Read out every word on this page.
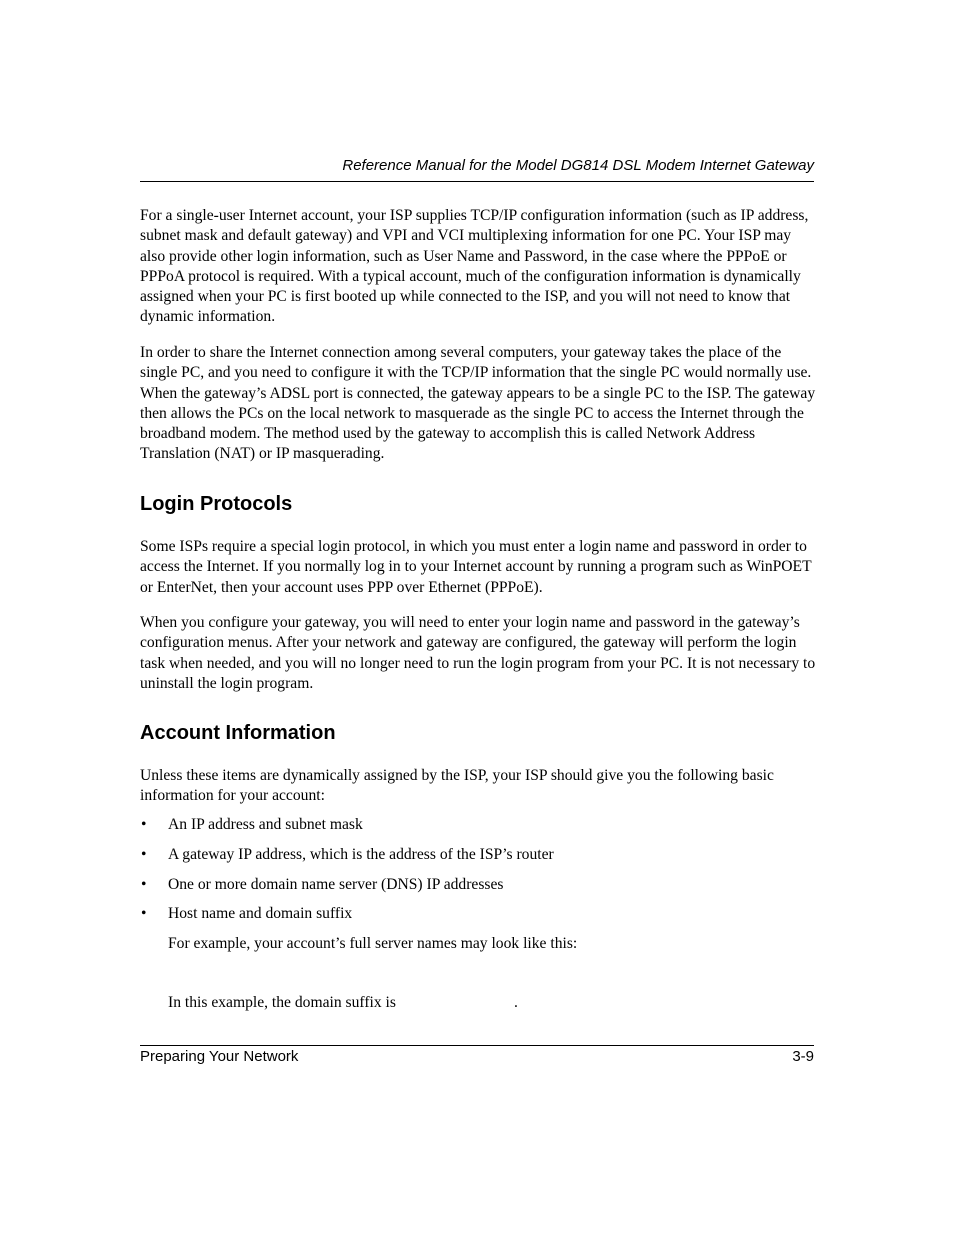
Reference Manual for the Model DG814 DSL Modem Internet Gateway

For a single-user Internet account, your ISP supplies TCP/IP configuration information (such as IP address, subnet mask and default gateway) and VPI and VCI multiplexing information for one PC. Your ISP may also provide other login information, such as User Name and Password, in the case where the PPPoE or PPPoA protocol is required. With a typical account, much of the configuration information is dynamically assigned when your PC is first booted up while connected to the ISP, and you will not need to know that dynamic information.

In order to share the Internet connection among several computers, your gateway takes the place of the single PC, and you need to configure it with the TCP/IP information that the single PC would normally use. When the gateway’s ADSL port is connected, the gateway appears to be a single PC to the ISP. The gateway then allows the PCs on the local network to masquerade as the single PC to access the Internet through the broadband modem. The method used by the gateway to accomplish this is called Network Address Translation (NAT) or IP masquerading.

Login Protocols

Some ISPs require a special login protocol, in which you must enter a login name and password in order to access the Internet. If you normally log in to your Internet account by running a program such as WinPOET or EnterNet, then your account uses PPP over Ethernet (PPPoE).

When you configure your gateway, you will need to enter your login name and password in the gateway’s configuration menus. After your network and gateway are configured, the gateway will perform the login task when needed, and you will no longer need to run the login program from your PC. It is not necessary to uninstall the login program.

Account Information

Unless these items are dynamically assigned by the ISP, your ISP should give you the following basic information for your account:

• An IP address and subnet mask
• A gateway IP address, which is the address of the ISP’s router
• One or more domain name server (DNS) IP addresses
• Host name and domain suffix
For example, your account’s full server names may look like this:
In this example, the domain suffix is	.
Preparing Your Network	3-9
